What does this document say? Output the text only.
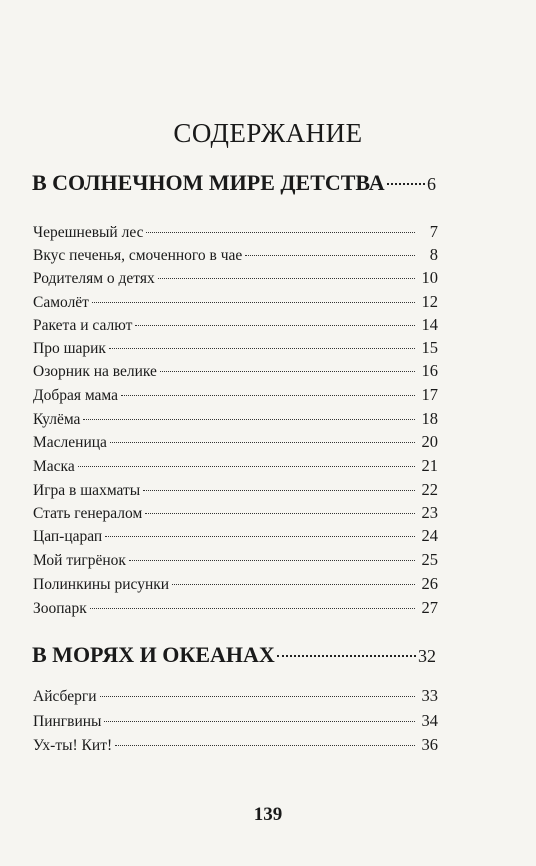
СОДЕРЖАНИЕ
В СОЛНЕЧНОМ МИРЕ ДЕТСТВА 6
Черешневый лес	7
Вкус печенья, смоченного в чае	8
Родителям о детях	10
Самолёт	12
Ракета и салют	14
Про шарик	15
Озорник на велике	16
Добрая мама	17
Кулёма	18
Масленица	20
Маска	21
Игра в шахматы	22
Стать генералом	23
Цап-царап	24
Мой тигрёнок	25
Полинкины рисунки	26
Зоопарк	27
В МОРЯХ И ОКЕАНАХ	32
Айсберги	33
Пингвины	34
Ух-ты! Кит!	36
139
